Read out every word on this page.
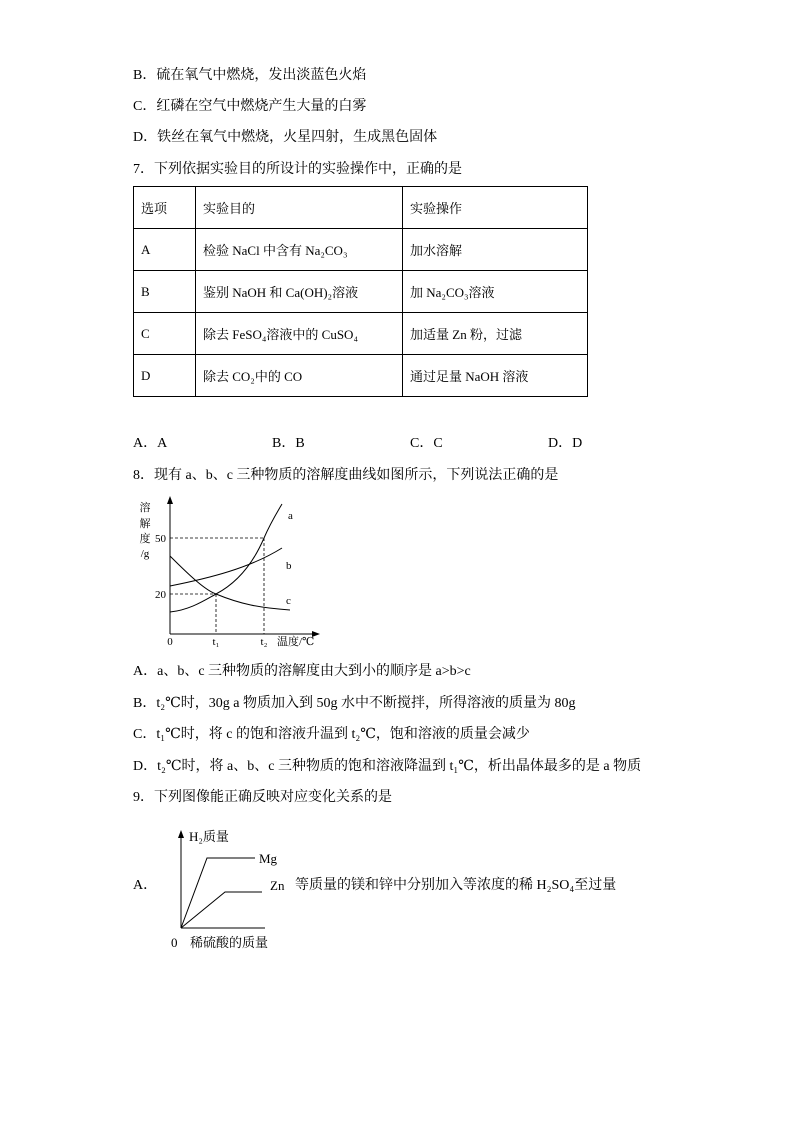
B．硫在氧气中燃烧，发出淡蓝色火焰
C．红磷在空气中燃烧产生大量的白雾
D．铁丝在氧气中燃烧，火星四射，生成黑色固体
7．下列依据实验目的所设计的实验操作中，正确的是
选项	实验目的	实验操作
A	检验 NaCl 中含有 Na₂CO₃	加水溶解
B	鉴别 NaOH 和 Ca(OH)₂溶液	加 Na₂CO₃溶液
C	除去 FeSO₄溶液中的 CuSO₄	加适量 Zn 粉，过滤
D	除去 CO₂中的 CO	通过足量 NaOH 溶液
A．A	B．B	C．C	D．D
8．现有 a、b、c 三种物质的溶解度曲线如图所示，下列说法正确的是
溶
解
度
/g
50
20
0	t₁	t₂ 温度/℃
a
b
c
A．a、b、c 三种物质的溶解度由大到小的顺序是 a>b>c
B．t₂℃时，30g a 物质加入到 50g 水中不断搅拌，所得溶液的质量为 80g
C．t₁℃时，将 c 的饱和溶液升温到 t₂℃，饱和溶液的质量会减少
D．t₂℃时，将 a、b、c 三种物质的饱和溶液降温到 t₁℃，析出晶体最多的是 a 物质
9．下列图像能正确反映对应变化关系的是
A．
H₂质量
Mg
Zn 等质量的镁和锌中分别加入等浓度的稀 H₂SO₄至过量
0 稀硫酸的质量
